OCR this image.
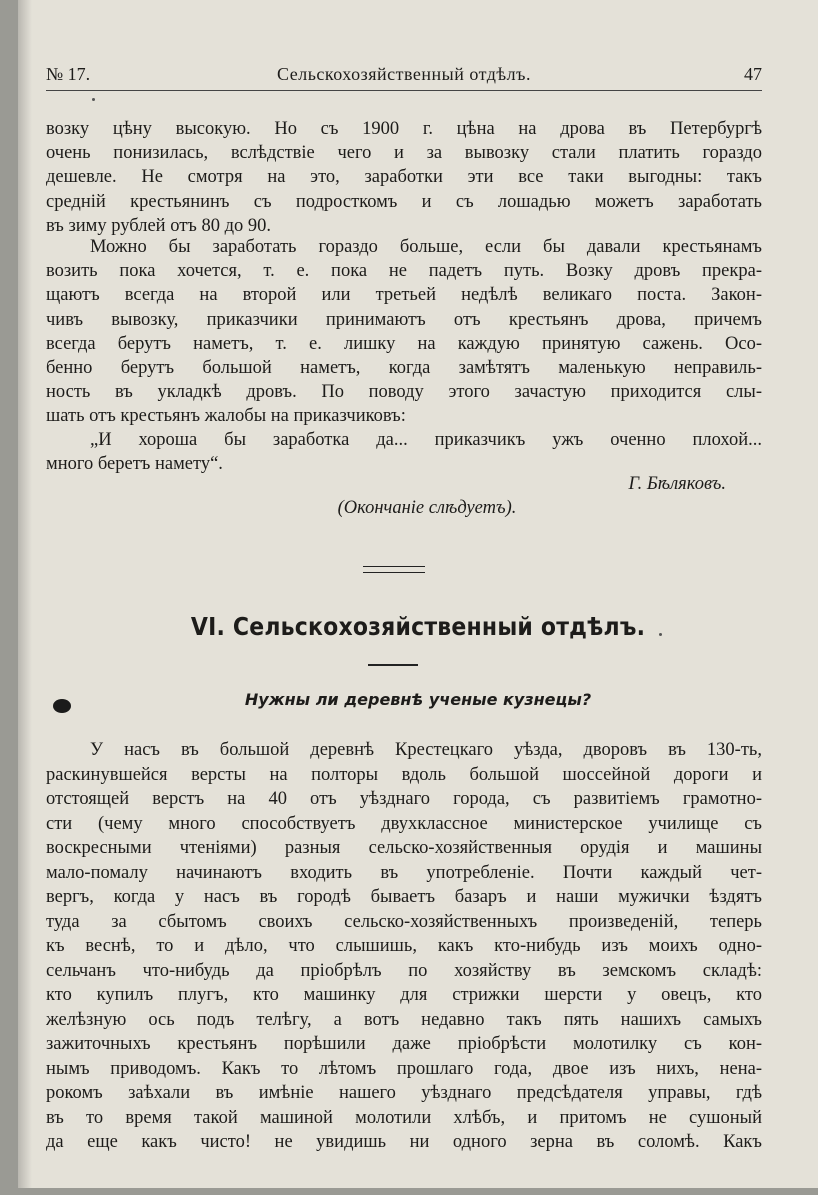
№ 17.	Сельскохозяйственный отдѣлъ.	47
возку цѣну высокую. Но съ 1900 г. цѣна на дрова въ Петербургѣ
очень понизилась, вслѣдствіе чего и за вывозку стали платить гораздо
дешевле. Не смотря на это, заработки эти все таки выгодны: такъ
средній крестьянинъ съ подросткомъ и съ лошадью можетъ заработать
въ зиму рублей отъ 80 до 90.
Можно бы заработать гораздо больше, если бы давали крестьянамъ
возить пока хочется, т. е. пока не падетъ путь. Возку дровъ прекра-
щаютъ всегда на второй или третьей недѣлѣ великаго поста. Закон-
чивъ вывозку, приказчики принимаютъ отъ крестьянъ дрова, причемъ
всегда берутъ наметъ, т. е. лишку на каждую принятую сажень. Осо-
бенно берутъ большой наметъ, когда замѣтятъ маленькую неправиль-
ность въ укладкѣ дровъ. По поводу этого зачастую приходится слы-
шать отъ крестьянъ жалобы на приказчиковъ:
„И хороша бы заработка да... приказчикъ ужъ оченно плохой...
много беретъ намету“.
Г. Бѣляковъ.
(Окончаніе слѣдуетъ).
VI. Сельскохозяйственный отдѣлъ.
Нужны ли деревнѣ ученые кузнецы?
У насъ въ большой деревнѣ Крестецкаго уѣзда, дворовъ въ 130-ть,
раскинувшейся версты на полторы вдоль большой шоссейной дороги и
отстоящей верстъ на 40 отъ уѣзднаго города, съ развитіемъ грамотно-
сти (чему много способствуетъ двухклассное министерское училище съ
воскресными чтеніями) разныя сельско-хозяйственныя орудія и машины
мало-помалу начинаютъ входить въ употребленіе. Почти каждый чет-
вергъ, когда у насъ въ городѣ бываетъ базаръ и наши мужички ѣздятъ
туда за сбытомъ своихъ сельско-хозяйственныхъ произведеній, теперь
къ веснѣ, то и дѣло, что слышишь, какъ кто-нибудь изъ моихъ одно-
сельчанъ что-нибудь да пріобрѣлъ по хозяйству въ земскомъ складѣ:
кто купилъ плугъ, кто машинку для стрижки шерсти у овецъ, кто
желѣзную ось подъ телѣгу, а вотъ недавно такъ пять нашихъ самыхъ
зажиточныхъ крестьянъ порѣшили даже пріобрѣсти молотилку съ кон-
нымъ приводомъ. Какъ то лѣтомъ прошлаго года, двое изъ нихъ, нена-
рокомъ заѣхали въ имѣніе нашего уѣзднаго предсѣдателя управы, гдѣ
въ то время такой машиной молотили хлѣбъ, и притомъ не сушоный
да еще какъ чисто! не увидишь ни одного зерна въ соломѣ. Какъ
